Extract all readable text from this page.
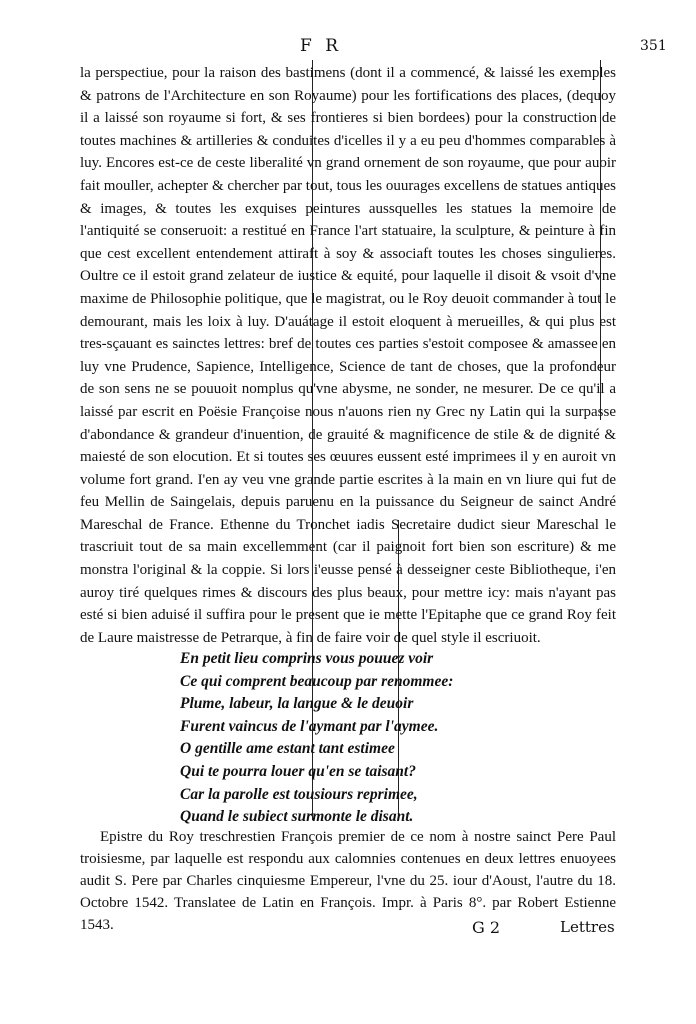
F R	351

la perspectiue, pour la raison des bastimens (dont il a commencé, & laissé les exemples & patrons de l'Architecture en son Royaume) pour les fortifications des places, (dequoy il a laissé son royaume si fort, & ses frontieres si bien bordees) pour la construction de toutes machines & artilleries & conduites d'icelles il y a eu peu d'hommes comparables à luy. Encores est-ce de ceste liberalité vn grand ornement de son royaume, que pour auoir fait mouller, achepter & chercher par tout, tous les ouurages excellens de statues antiques & images, & toutes les exquises peintures aussquelles les statues la memoire de l'antiquité se conseruoit: a restitué en France l'art statuaire, la sculpture, & peinture à fin que cest excellent entendement attiraft à soy & associaft toutes les choses singulieres. Oultre ce il estoit grand zelateur de iustice & equité, pour laquelle il disoit & vsoit d'vne maxime de Philosophie politique, que le magistrat, ou le Roy deuoit commander à tout le demourant, mais les loix à luy. D'auátage il estoit eloquent à merueilles, & qui plus est tres-sçauant es sainctes lettres: bref de toutes ces parties s'estoit composee & amassee en luy vne Prudence, Sapience, Intelligence, Science de tant de choses, que la profondeur de son sens ne se pouuoit nomplus qu'vne abysme, ne sonder, ne mesurer. De ce qu'il a laissé par escrit en Poësie Françoise nous n'auons rien ny Grec ny Latin qui la surpasse d'abondance & grandeur d'inuention, de grauité & magnificence de stile & de dignité & maiesté de son elocution. Et si toutes ses œuures eussent esté imprimees il y en auroit vn volume fort grand. I'en ay veu vne grande partie escrites à la main en vn liure qui fut de feu Mellin de Saingelais, depuis paruenu en la puissance du Seigneur de sainct André Mareschal de France. Ethenne du Tronchet iadis Secretaire dudict sieur Mareschal le trascriuit tout de sa main excellemment (car il paignoit fort bien son escriture) & me monstra l'original & la coppie. Si lors i'eusse pensé à desseigner ceste Bibliotheque, i'en auroy tiré quelques rimes & discours des plus beaux, pour mettre icy: mais n'ayant pas esté si bien aduisé il suffira pour le present que ie mette l'Epitaphe que ce grand Roy feit de Laure maistresse de Petrarque, à fin de faire voir de quel style il escriuoit.

En petit lieu comprins vous pouuez voir
Ce qui comprent beaucoup par renommee:
Plume, labeur, la langue & le deuoir
Furent vaincus de l'aymant par l'aymee.
O gentille ame estant tant estimee
Qui te pourra louer qu'en se taisant?
Car la parolle est tousiours reprimee,
Quand le subiect surmonte le disant.

Epistre du Roy treschrestien François premier de ce nom à nostre sainct Pere Paul troisiesme, par laquelle est respondu aux calomnies contenues en deux lettres enuoyees audit S. Pere par Charles cinquiesme Empereur, l'vne du 25. iour d'Aoust, l'autre du 18. Octobre 1542. Translatee de Latin en François. Impr. à Paris 8°. par Robert Estienne 1543.	G 2	Lettres
